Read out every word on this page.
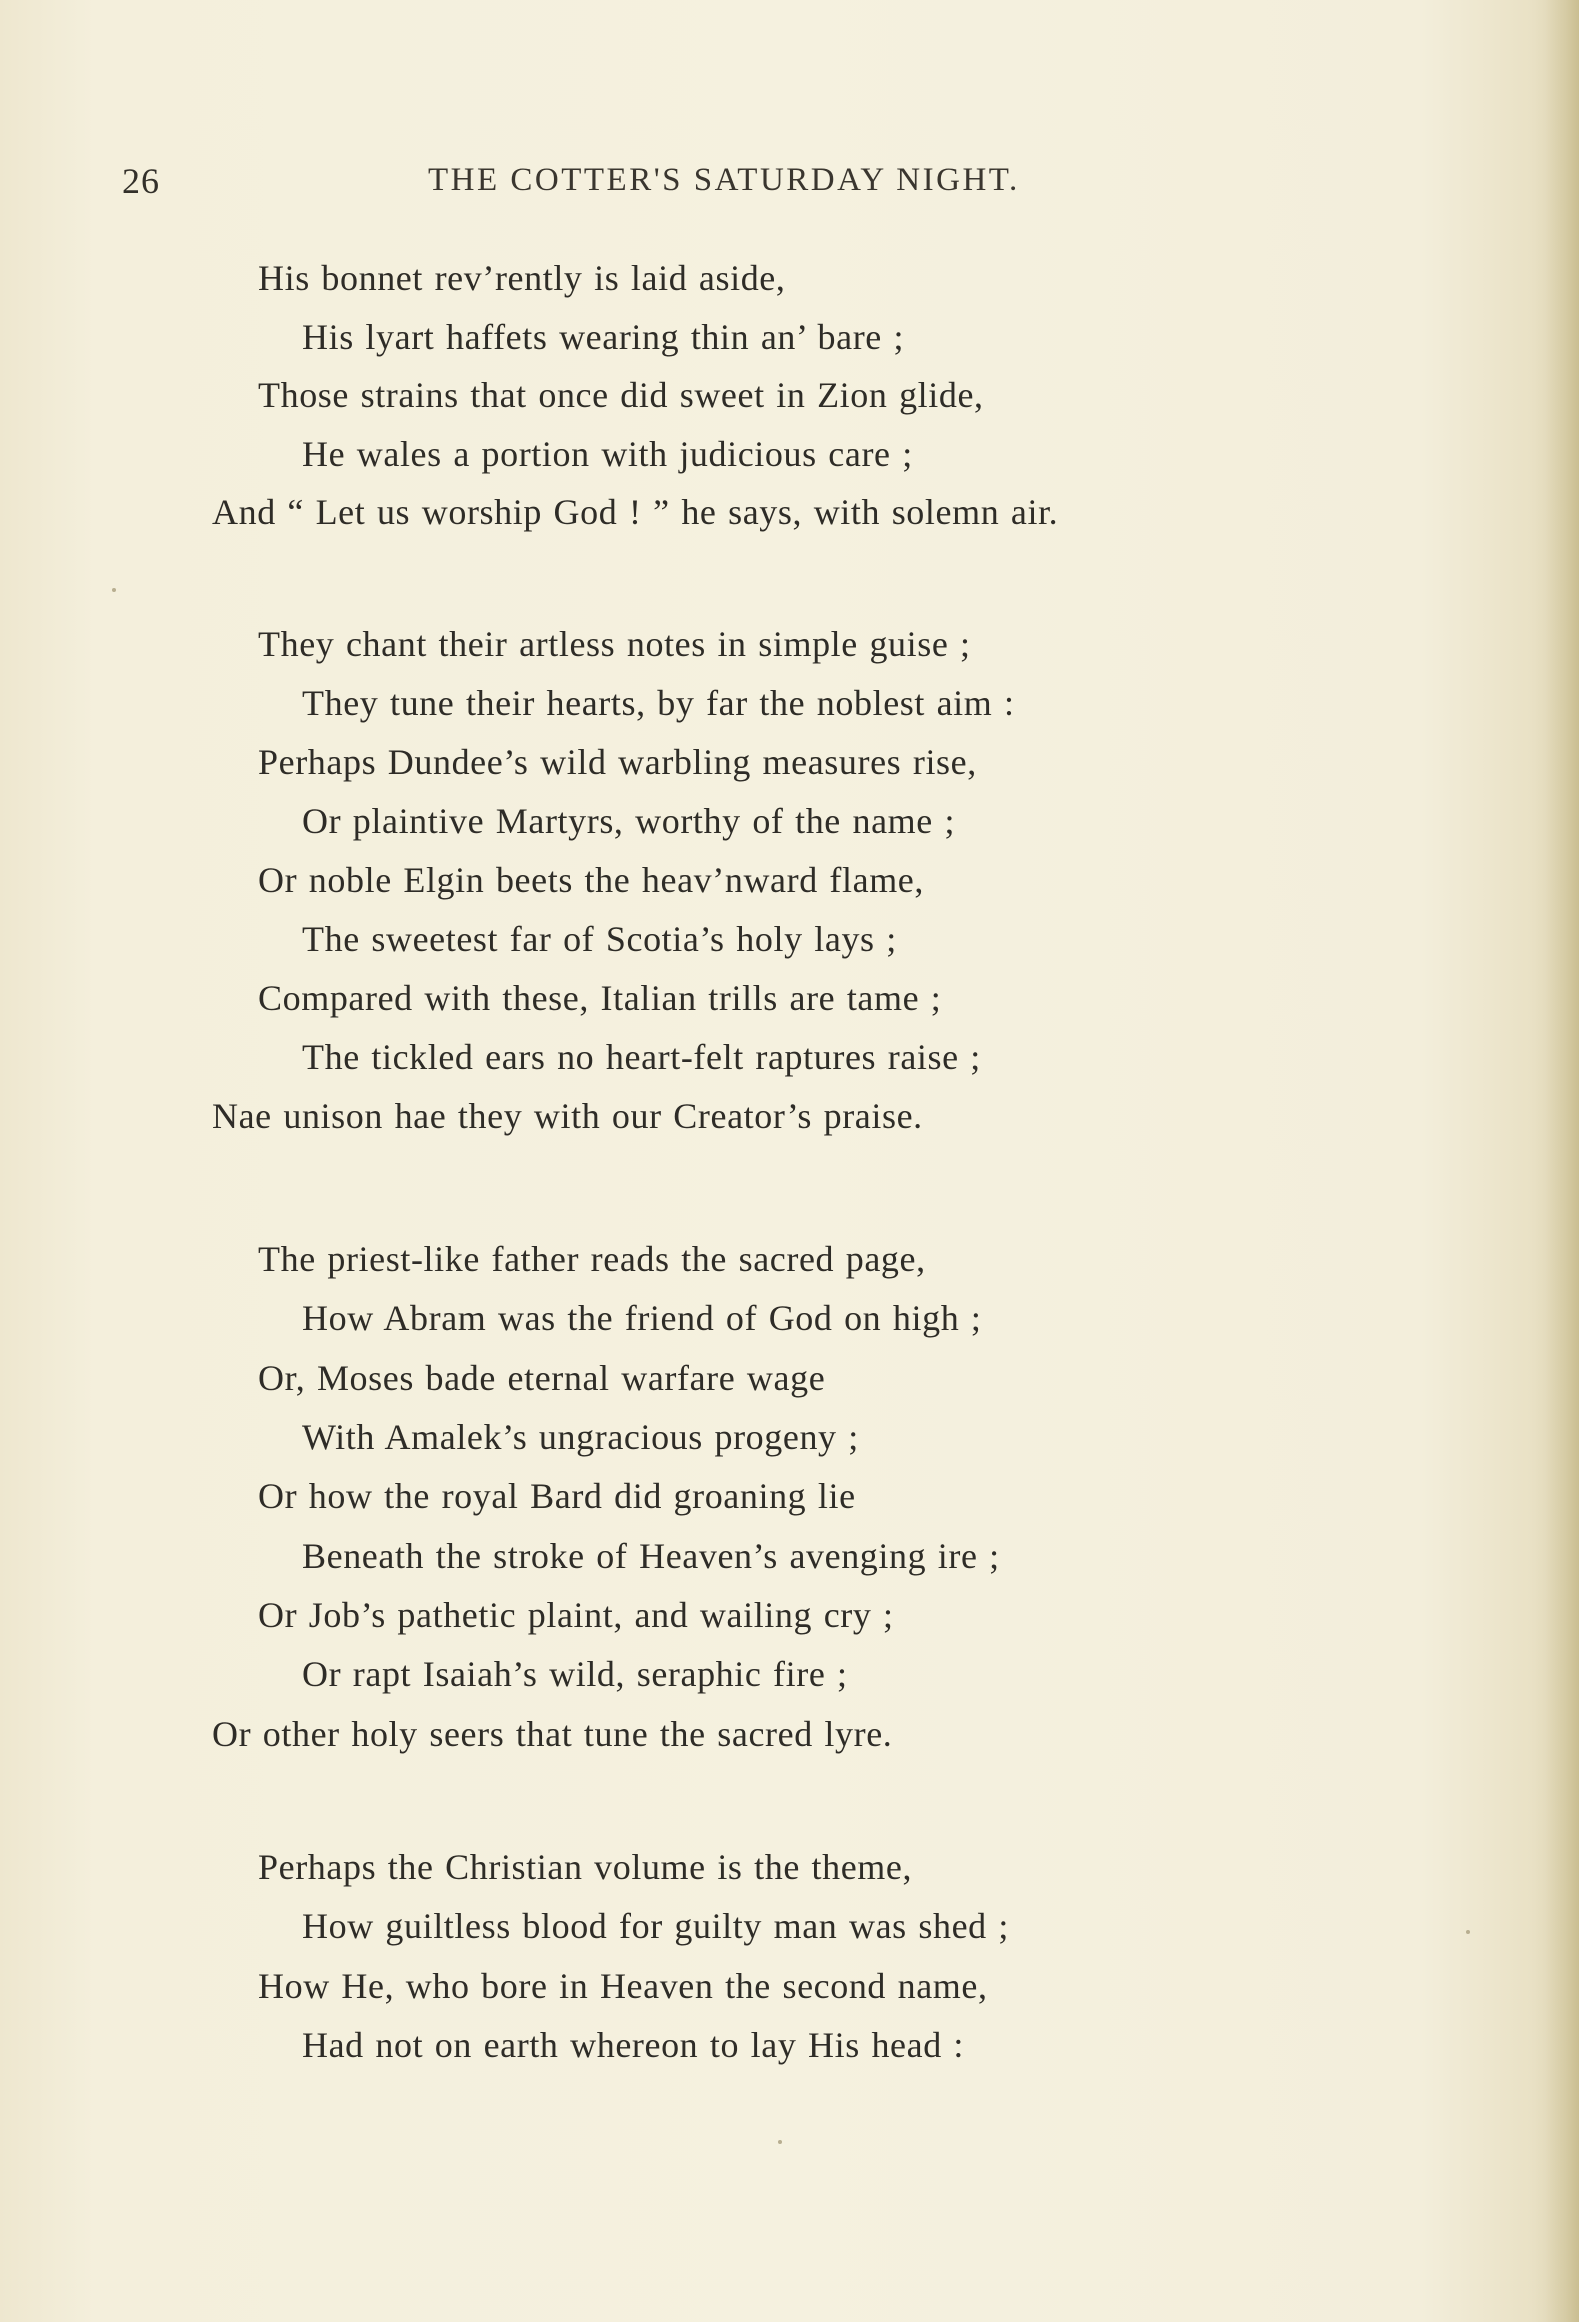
26	THE COTTER'S SATURDAY NIGHT.
His bonnet rev’rently is laid aside,
His lyart haffets wearing thin an’ bare ;
Those strains that once did sweet in Zion glide,
He wales a portion with judicious care ;
And “ Let us worship God ! ” he says, with solemn air.
They chant their artless notes in simple guise ;
They tune their hearts, by far the noblest aim :
Perhaps Dundee’s wild warbling measures rise,
Or plaintive Martyrs, worthy of the name ;
Or noble Elgin beets the heav’nward flame,
The sweetest far of Scotia’s holy lays ;
Compared with these, Italian trills are tame ;
The tickled ears no heart-felt raptures raise ;
Nae unison hae they with our Creator’s praise.
The priest-like father reads the sacred page,
How Abram was the friend of God on high ;
Or, Moses bade eternal warfare wage
With Amalek’s ungracious progeny ;
Or how the royal Bard did groaning lie
Beneath the stroke of Heaven’s avenging ire ;
Or Job’s pathetic plaint, and wailing cry ;
Or rapt Isaiah’s wild, seraphic fire ;
Or other holy seers that tune the sacred lyre.
Perhaps the Christian volume is the theme,
How guiltless blood for guilty man was shed ;
How He, who bore in Heaven the second name,
Had not on earth whereon to lay His head :
